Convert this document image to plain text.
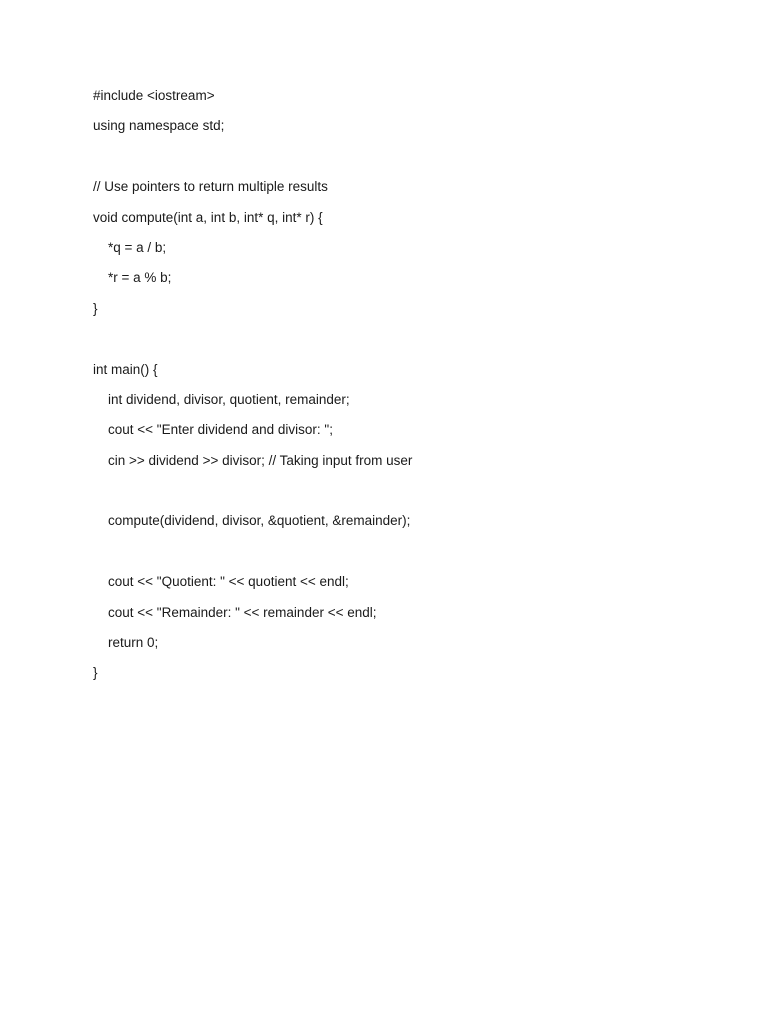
#include <iostream>
using namespace std;
// Use pointers to return multiple results
void compute(int a, int b, int* q, int* r) {
*q = a / b;
*r = a % b;
}
int main() {
int dividend, divisor, quotient, remainder;
cout << "Enter dividend and divisor: ";
cin >> dividend >> divisor; // Taking input from user
compute(dividend, divisor, &quotient, &remainder);
cout << "Quotient: " << quotient << endl;
cout << "Remainder: " << remainder << endl;
return 0;
}
